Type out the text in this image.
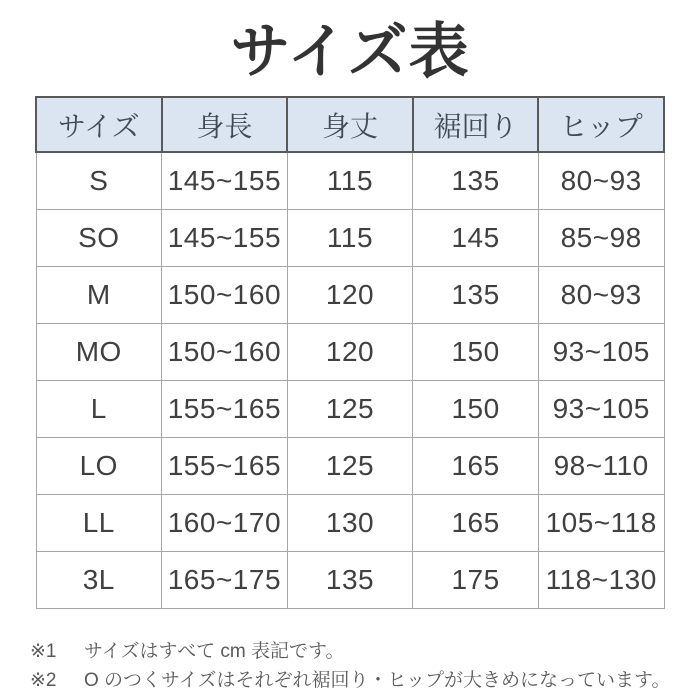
サイズ表
サイズ	身長	身丈	裾回り	ヒップ
S	145~155	115	135	80~93
SO	145~155	115	145	85~98
M	150~160	120	135	80~93
MO	150~160	120	150	93~105
L	155~165	125	150	93~105
LO	155~165	125	165	98~110
LL	160~170	130	165	105~118
3L	165~175	135	175	118~130
※1	サイズはすべて cm 表記です。
※2	O のつくサイズはそれぞれ裾回り・ヒップが大きめになっています。
